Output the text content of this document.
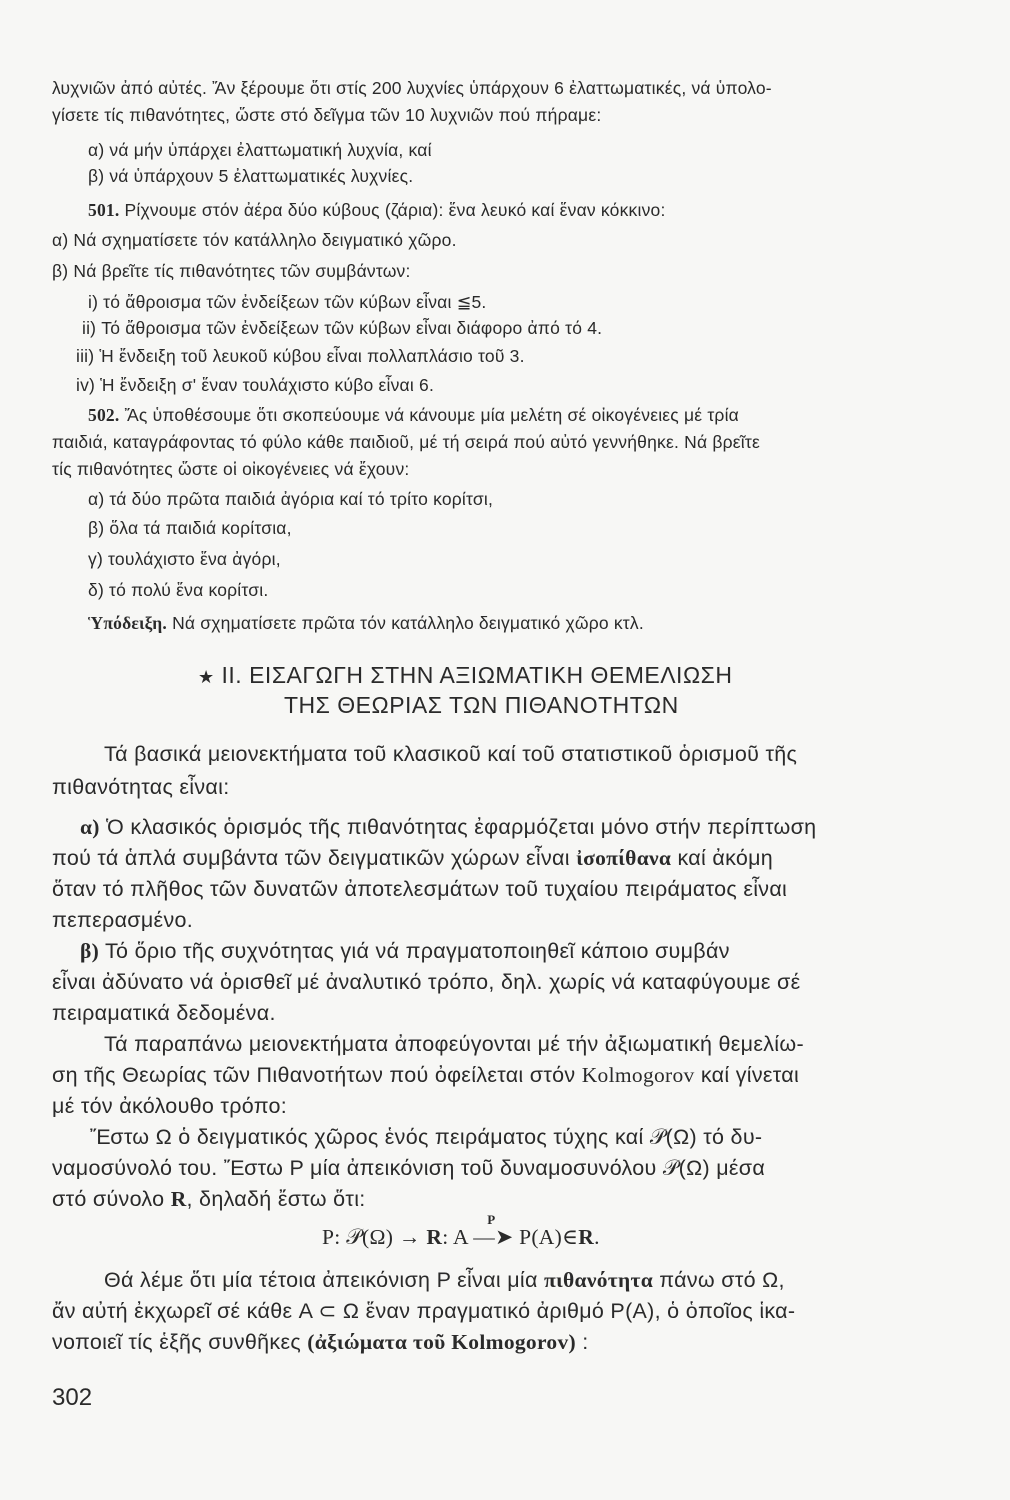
λυχνιῶν ἀπό αὐτές. Ἄν ξέρουμε ὅτι στίς 200 λυχνίες ὑπάρχουν 6 ἐλαττωματικές, νά ὑπολο-
γίσετε τίς πιθανότητες, ὥστε στό δεῖγμα τῶν 10 λυχνιῶν πού πήραμε:
α) νά μήν ὑπάρχει ἐλαττωματική λυχνία, καί
β) νά ὑπάρχουν 5 ἐλαττωματικές λυχνίες.
501. Ρίχνουμε στόν ἀέρα δύο κύβους (ζάρια): ἕνα λευκό καί ἕναν κόκκινο:
α) Νά σχηματίσετε τόν κατάλληλο δειγματικό χῶρο.
β) Νά βρεῖτε τίς πιθανότητες τῶν συμβάντων:
i) τό ἄθροισμα τῶν ἐνδείξεων τῶν κύβων εἶναι ≦5.
ii) Τό ἄθροισμα τῶν ἐνδείξεων τῶν κύβων εἶναι διάφορο ἀπό τό 4.
iii) Ἡ ἔνδειξη τοῦ λευκοῦ κύβου εἶναι πολλαπλάσιο τοῦ 3.
iv) Ἡ ἔνδειξη σ' ἕναν τουλάχιστο κύβο εἶναι 6.
502. Ἄς ὑποθέσουμε ὅτι σκοπεύουμε νά κάνουμε μία μελέτη σέ οἰκογένειες μέ τρία
παιδιά, καταγράφοντας τό φύλο κάθε παιδιοῦ, μέ τή σειρά πού αὐτό γεννήθηκε. Νά βρεῖτε
τίς πιθανότητες ὥστε οἱ οἰκογένειες νά ἔχουν:
α) τά δύο πρῶτα παιδιά ἀγόρια καί τό τρίτο κορίτσι,
β) ὅλα τά παιδιά κορίτσια,
γ) τουλάχιστο ἕνα ἀγόρι,
δ) τό πολύ ἕνα κορίτσι.
Ὑπόδειξη. Νά σχηματίσετε πρῶτα τόν κατάλληλο δειγματικό χῶρο κτλ.
★ ΙΙ. ΕΙΣΑΓΩΓΗ ΣΤΗΝ ΑΞΙΩΜΑΤΙΚΗ ΘΕΜΕΛΙΩΣΗ
ΤΗΣ ΘΕΩΡΙΑΣ ΤΩΝ ΠΙΘΑΝΟΤΗΤΩΝ
Τά βασικά μειονεκτήματα τοῦ κλασικοῦ καί τοῦ στατιστικοῦ ὁρισμοῦ τῆς
πιθανότητας εἶναι:
α) Ὁ κλασικός ὁρισμός τῆς πιθανότητας ἐφαρμόζεται μόνο στήν περίπτωση
πού τά ἁπλά συμβάντα τῶν δειγματικῶν χώρων εἶναι ἰσοπίθανα καί ἀκόμη
ὅταν τό πλῆθος τῶν δυνατῶν ἀποτελεσμάτων τοῦ τυχαίου πειράματος εἶναι
πεπερασμένο.
β) Τό ὅριο τῆς συχνότητας γιά νά πραγματοποιηθεῖ κάποιο συμβάν
εἶναι ἀδύνατο νά ὁρισθεῖ μέ ἀναλυτικό τρόπο, δηλ. χωρίς νά καταφύγουμε σέ
πειραματικά δεδομένα.
Τά παραπάνω μειονεκτήματα ἀποφεύγονται μέ τήν ἀξιωματική θεμελίω-
ση τῆς Θεωρίας τῶν Πιθανοτήτων πού ὀφείλεται στόν Kolmogorov καί γίνεται
μέ τόν ἀκόλουθο τρόπο:
Ἔστω Ω ὁ δειγματικός χῶρος ἑνός πειράματος τύχης καί 𝒫(Ω) τό δυ-
ναμοσύνολό του. Ἔστω P μία ἀπεικόνιση τοῦ δυναμοσυνόλου 𝒫(Ω) μέσα
στό σύνολο R, δηλαδή ἔστω ὅτι:
P: 𝒫(Ω) → R: A
P
—➤ P(A)∈R.
Θά λέμε ὅτι μία τέτοια ἀπεικόνιση P εἶναι μία πιθανότητα πάνω στό Ω,
ἄν αὐτή ἐκχωρεῖ σέ κάθε A ⊂ Ω ἕναν πραγματικό ἀριθμό P(A), ὁ ὁποῖος ἱκα-
νοποιεῖ τίς ἑξῆς συνθῆκες (ἀξιώματα τοῦ Kolmogorov) :
302
